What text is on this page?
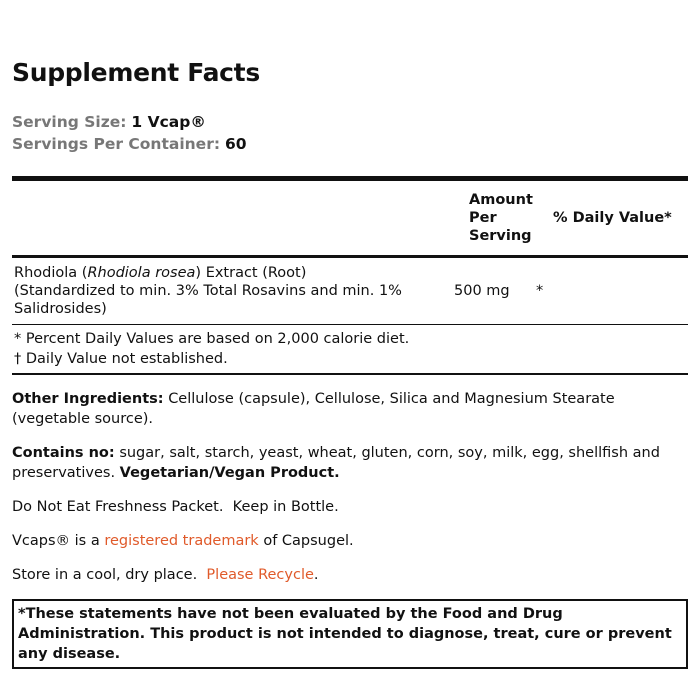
Supplement Facts
Serving Size: 1 Vcap®
Servings Per Container: 60
Amount Per Serving
% Daily Value*
Rhodiola (Rhodiola rosea) Extract (Root)
(Standardized to min. 3% Total Rosavins and min. 1% Salidrosides)
500 mg	*
* Percent Daily Values are based on 2,000 calorie diet.
† Daily Value not established.
Other Ingredients: Cellulose (capsule), Cellulose, Silica and Magnesium Stearate (vegetable source).
Contains no: sugar, salt, starch, yeast, wheat, gluten, corn, soy, milk, egg, shellfish and preservatives. Vegetarian/Vegan Product.
Do Not Eat Freshness Packet.  Keep in Bottle.
Vcaps® is a registered trademark of Capsugel.
Store in a cool, dry place. Please Recycle.
*These statements have not been evaluated by the Food and Drug Administration. This product is not intended to diagnose, treat, cure or prevent any disease.
